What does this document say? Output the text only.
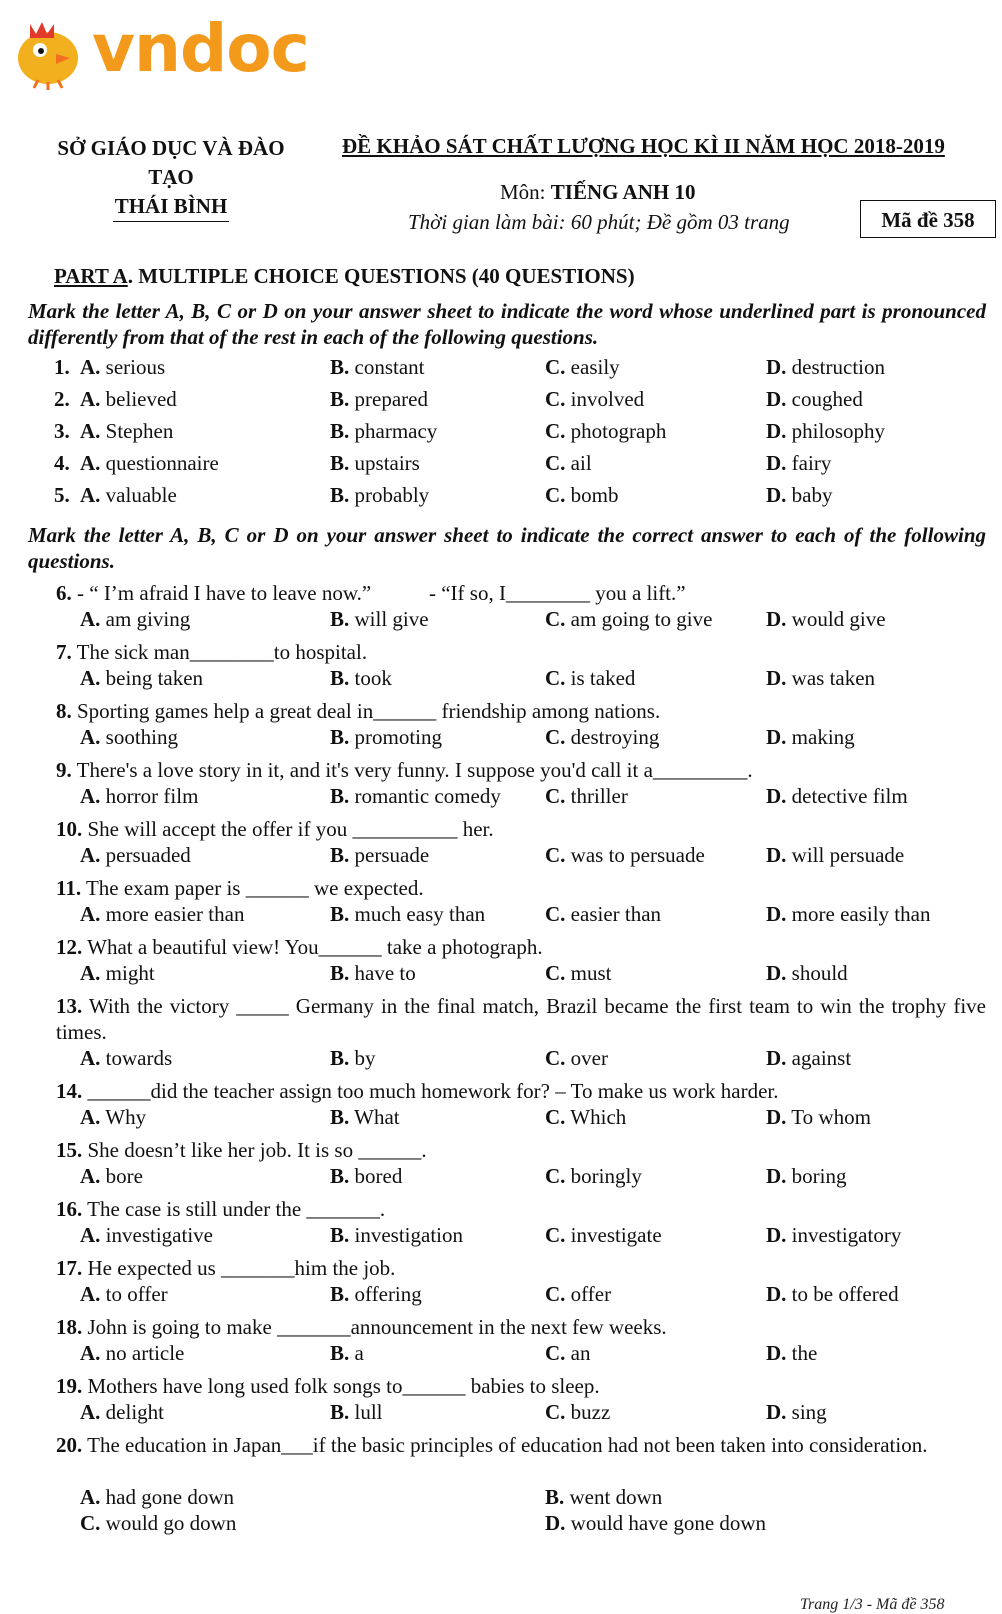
vndoc
SỞ GIÁO DỤC VÀ ĐÀO TẠO
THÁI BÌNH
ĐỀ KHẢO SÁT CHẤT LƯỢNG HỌC KÌ II NĂM HỌC 2018-2019
Môn: TIẾNG ANH 10
Thời gian làm bài: 60 phút; Đề gồm 03 trang	Mã đề 358
PART A. MULTIPLE CHOICE QUESTIONS (40 QUESTIONS)
Mark the letter A, B, C or D on your answer sheet to indicate the word whose underlined part is pronounced differently from that of the rest in each of the following questions.
1. A. serious	B. constant	C. easily	D. destruction
2. A. believed	B. prepared	C. involved	D. coughed
3. A. Stephen	B. pharmacy	C. photograph	D. philosophy
4. A. questionnaire	B. upstairs	C. ail	D. fairy
5. A. valuable	B. probably	C. bomb	D. baby
Mark the letter A, B, C or D on your answer sheet to indicate the correct answer to each of the following questions.
6. - “ I’m afraid I have to leave now.”           - “If so, I________ you a lift.”
A. am giving	B. will give	C. am going to give	D. would give
7. The sick man________to hospital.
A. being taken	B. took	C. is taked	D. was taken
8. Sporting games help a great deal in______ friendship among nations.
A. soothing	B. promoting	C. destroying	D. making
9. There's a love story in it, and it's very funny. I suppose you'd call it a_________.
A. horror film	B. romantic comedy C. thriller	D. detective film
10. She will accept the offer if you __________ her.
A. persuaded	B. persuade	C. was to persuade	D. will persuade
11. The exam paper is ______ we expected.
A. more easier than	B. much easy than	C. easier than	D. more easily than
12. What a beautiful view! You______ take a photograph.
A. might	B. have to	C. must	D. should
13. With the victory _____ Germany in the final match, Brazil became the first team to win the trophy five times.
A. towards	B. by	C. over	D. against
14. ______did the teacher assign too much homework for? – To make us work harder.
A. Why	B. What	C. Which	D. To whom
15. She doesn’t like her job. It is so ______.
A. bore	B. bored	C. boringly	D. boring
16. The case is still under the _______.
A. investigative	B. investigation	C. investigate	D. investigatory
17. He expected us _______him the job.
A. to offer	B. offering	C. offer	D. to be offered
18. John is going to make _______announcement in the next few weeks.
A. no article	B. a	C. an	D. the
19. Mothers have long used folk songs to______ babies to sleep.
A. delight	B. lull	C. buzz	D. sing
20. The education in Japan___if the basic principles of education had not been taken into consideration.
A. had gone down	B. went down
C. would go down	D. would have gone down
Trang 1/3 - Mã đề 358
